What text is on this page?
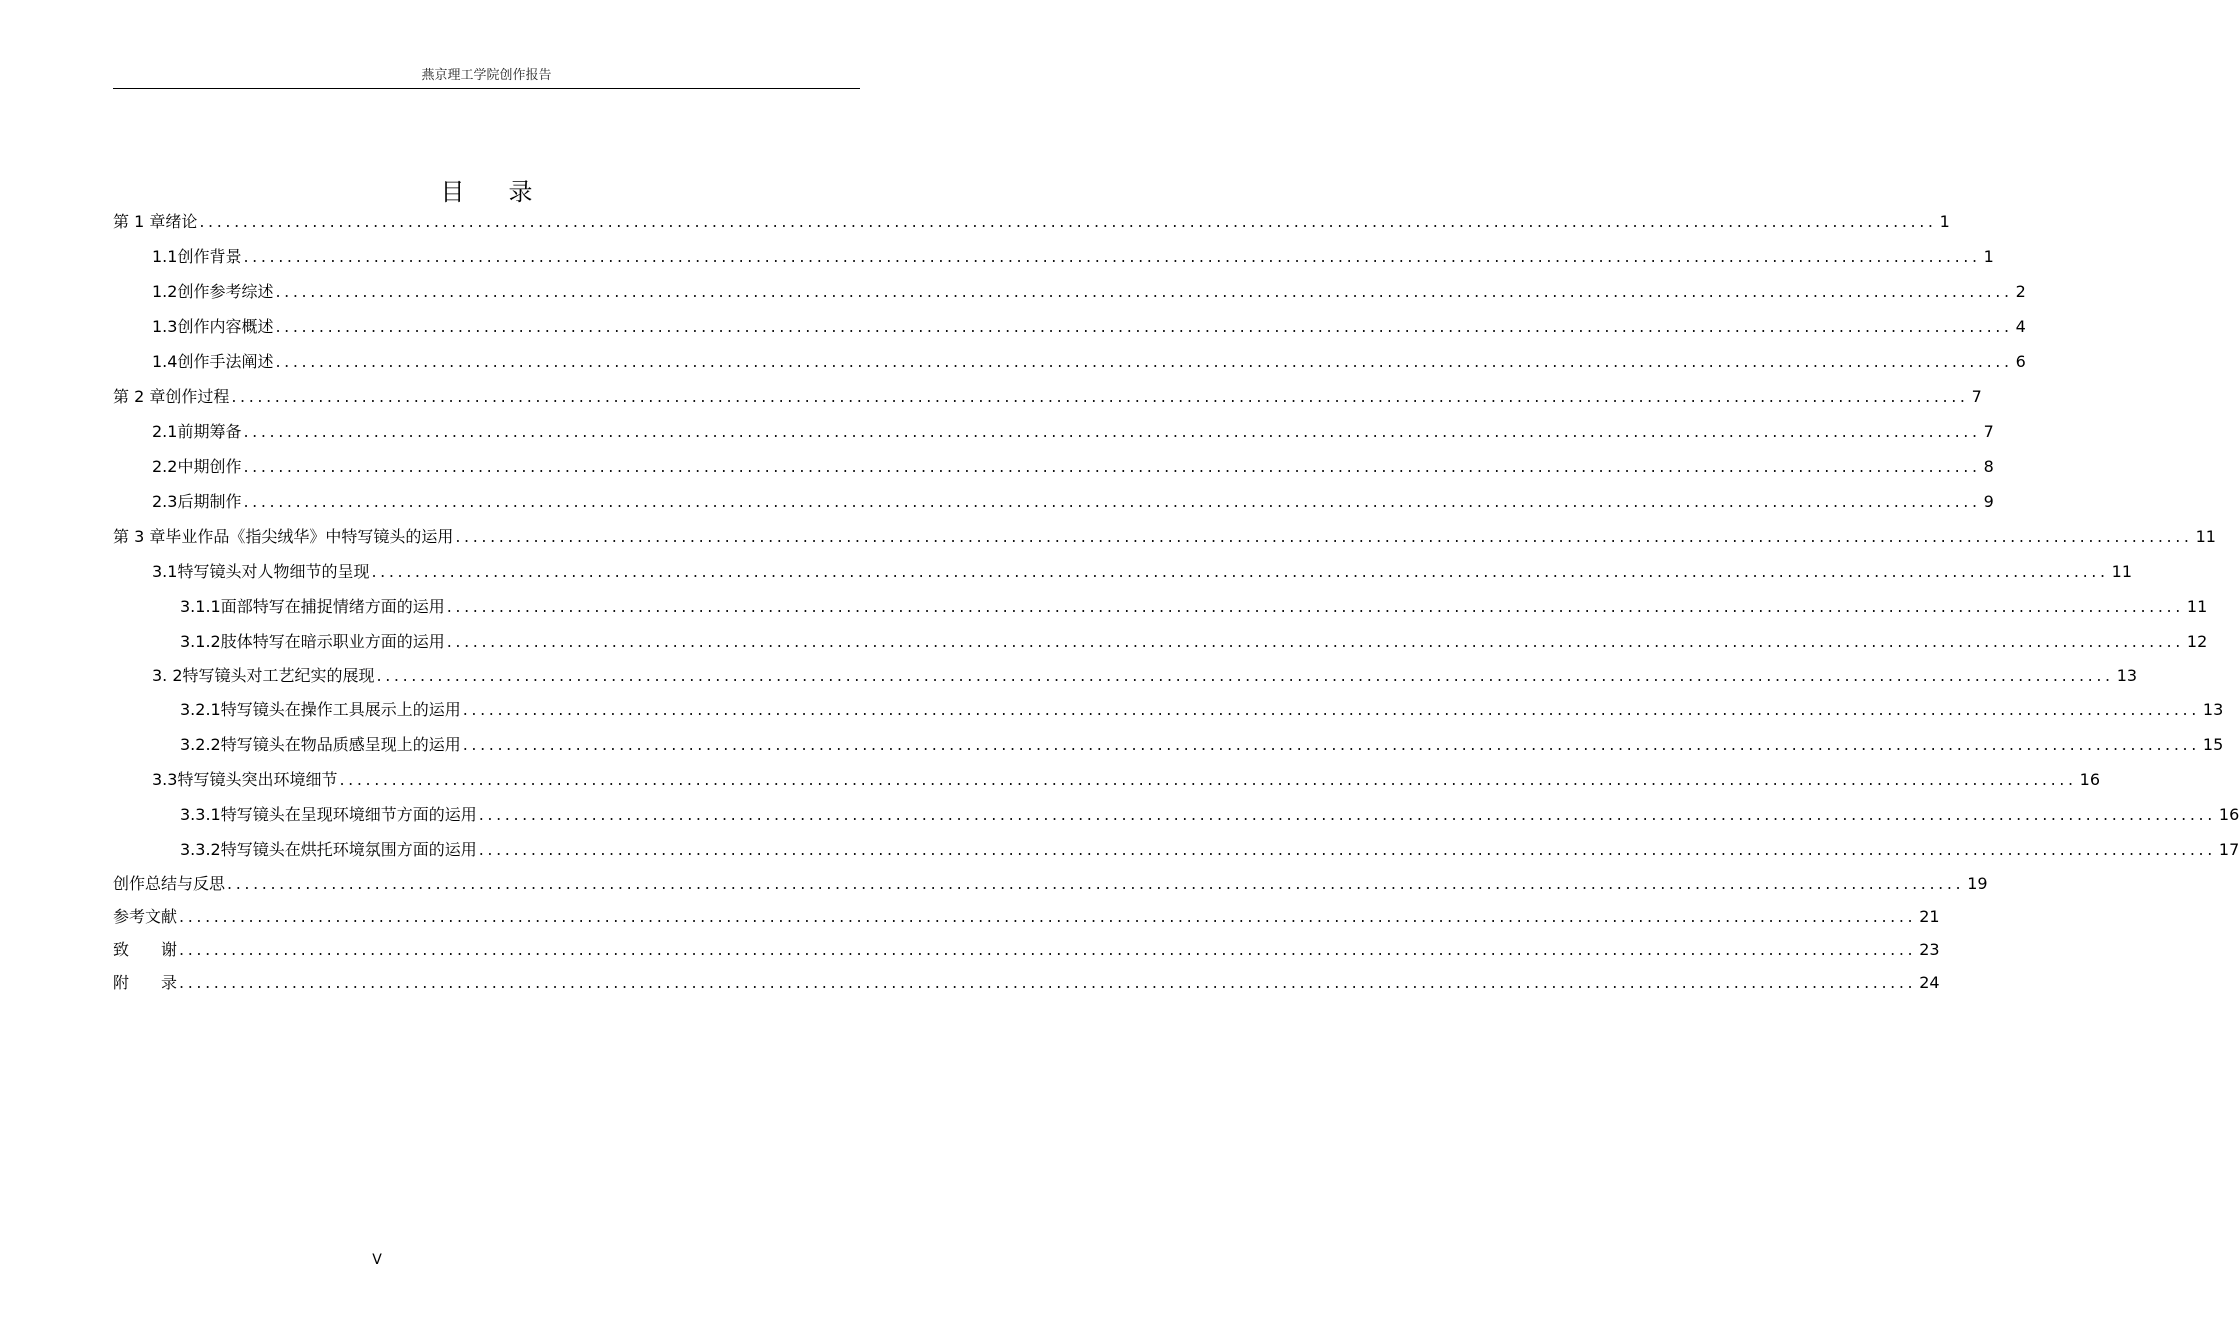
燕京理工学院创作报告
目录
第 1 章 绪论 ........................................................................................................................................................................................................ 1
1.1 创作背景 ........................................................................................................................................................................................................ 1
1.2 创作参考综述 ........................................................................................................................................................................................................ 2
1.3 创作内容概述 ........................................................................................................................................................................................................ 4
1.4 创作手法阐述 ........................................................................................................................................................................................................ 6
第 2 章 创作过程 ........................................................................................................................................................................................................ 7
2.1 前期筹备 ........................................................................................................................................................................................................ 7
2.2 中期创作 ........................................................................................................................................................................................................ 8
2.3 后期制作 ........................................................................................................................................................................................................ 9
第 3 章 毕业作品《指尖绒华》中特写镜头的运用 ........................................................................................................................................................................................................ 11
3.1 特写镜头对人物细节的呈现 ........................................................................................................................................................................................................ 11
3.1.1 面部特写在捕捉情绪方面的运用 ........................................................................................................................................................................................................ 11
3.1.2 肢体特写在暗示职业方面的运用 ........................................................................................................................................................................................................ 12
3. 2 特写镜头对工艺纪实的展现 ........................................................................................................................................................................................................ 13
3.2.1 特写镜头在操作工具展示上的运用 ........................................................................................................................................................................................................ 13
3.2.2 特写镜头在物品质感呈现上的运用 ........................................................................................................................................................................................................ 15
3.3 特写镜头突出环境细节 ........................................................................................................................................................................................................ 16
3.3.1 特写镜头在呈现环境细节方面的运用 ........................................................................................................................................................................................................ 16
3.3.2 特写镜头在烘托环境氛围方面的运用 ........................................................................................................................................................................................................ 17
创作总结与反思 ........................................................................................................................................................................................................ 19
参考文献 ........................................................................................................................................................................................................ 21
致　　谢 ........................................................................................................................................................................................................ 23
附　　录 ........................................................................................................................................................................................................ 24
V
